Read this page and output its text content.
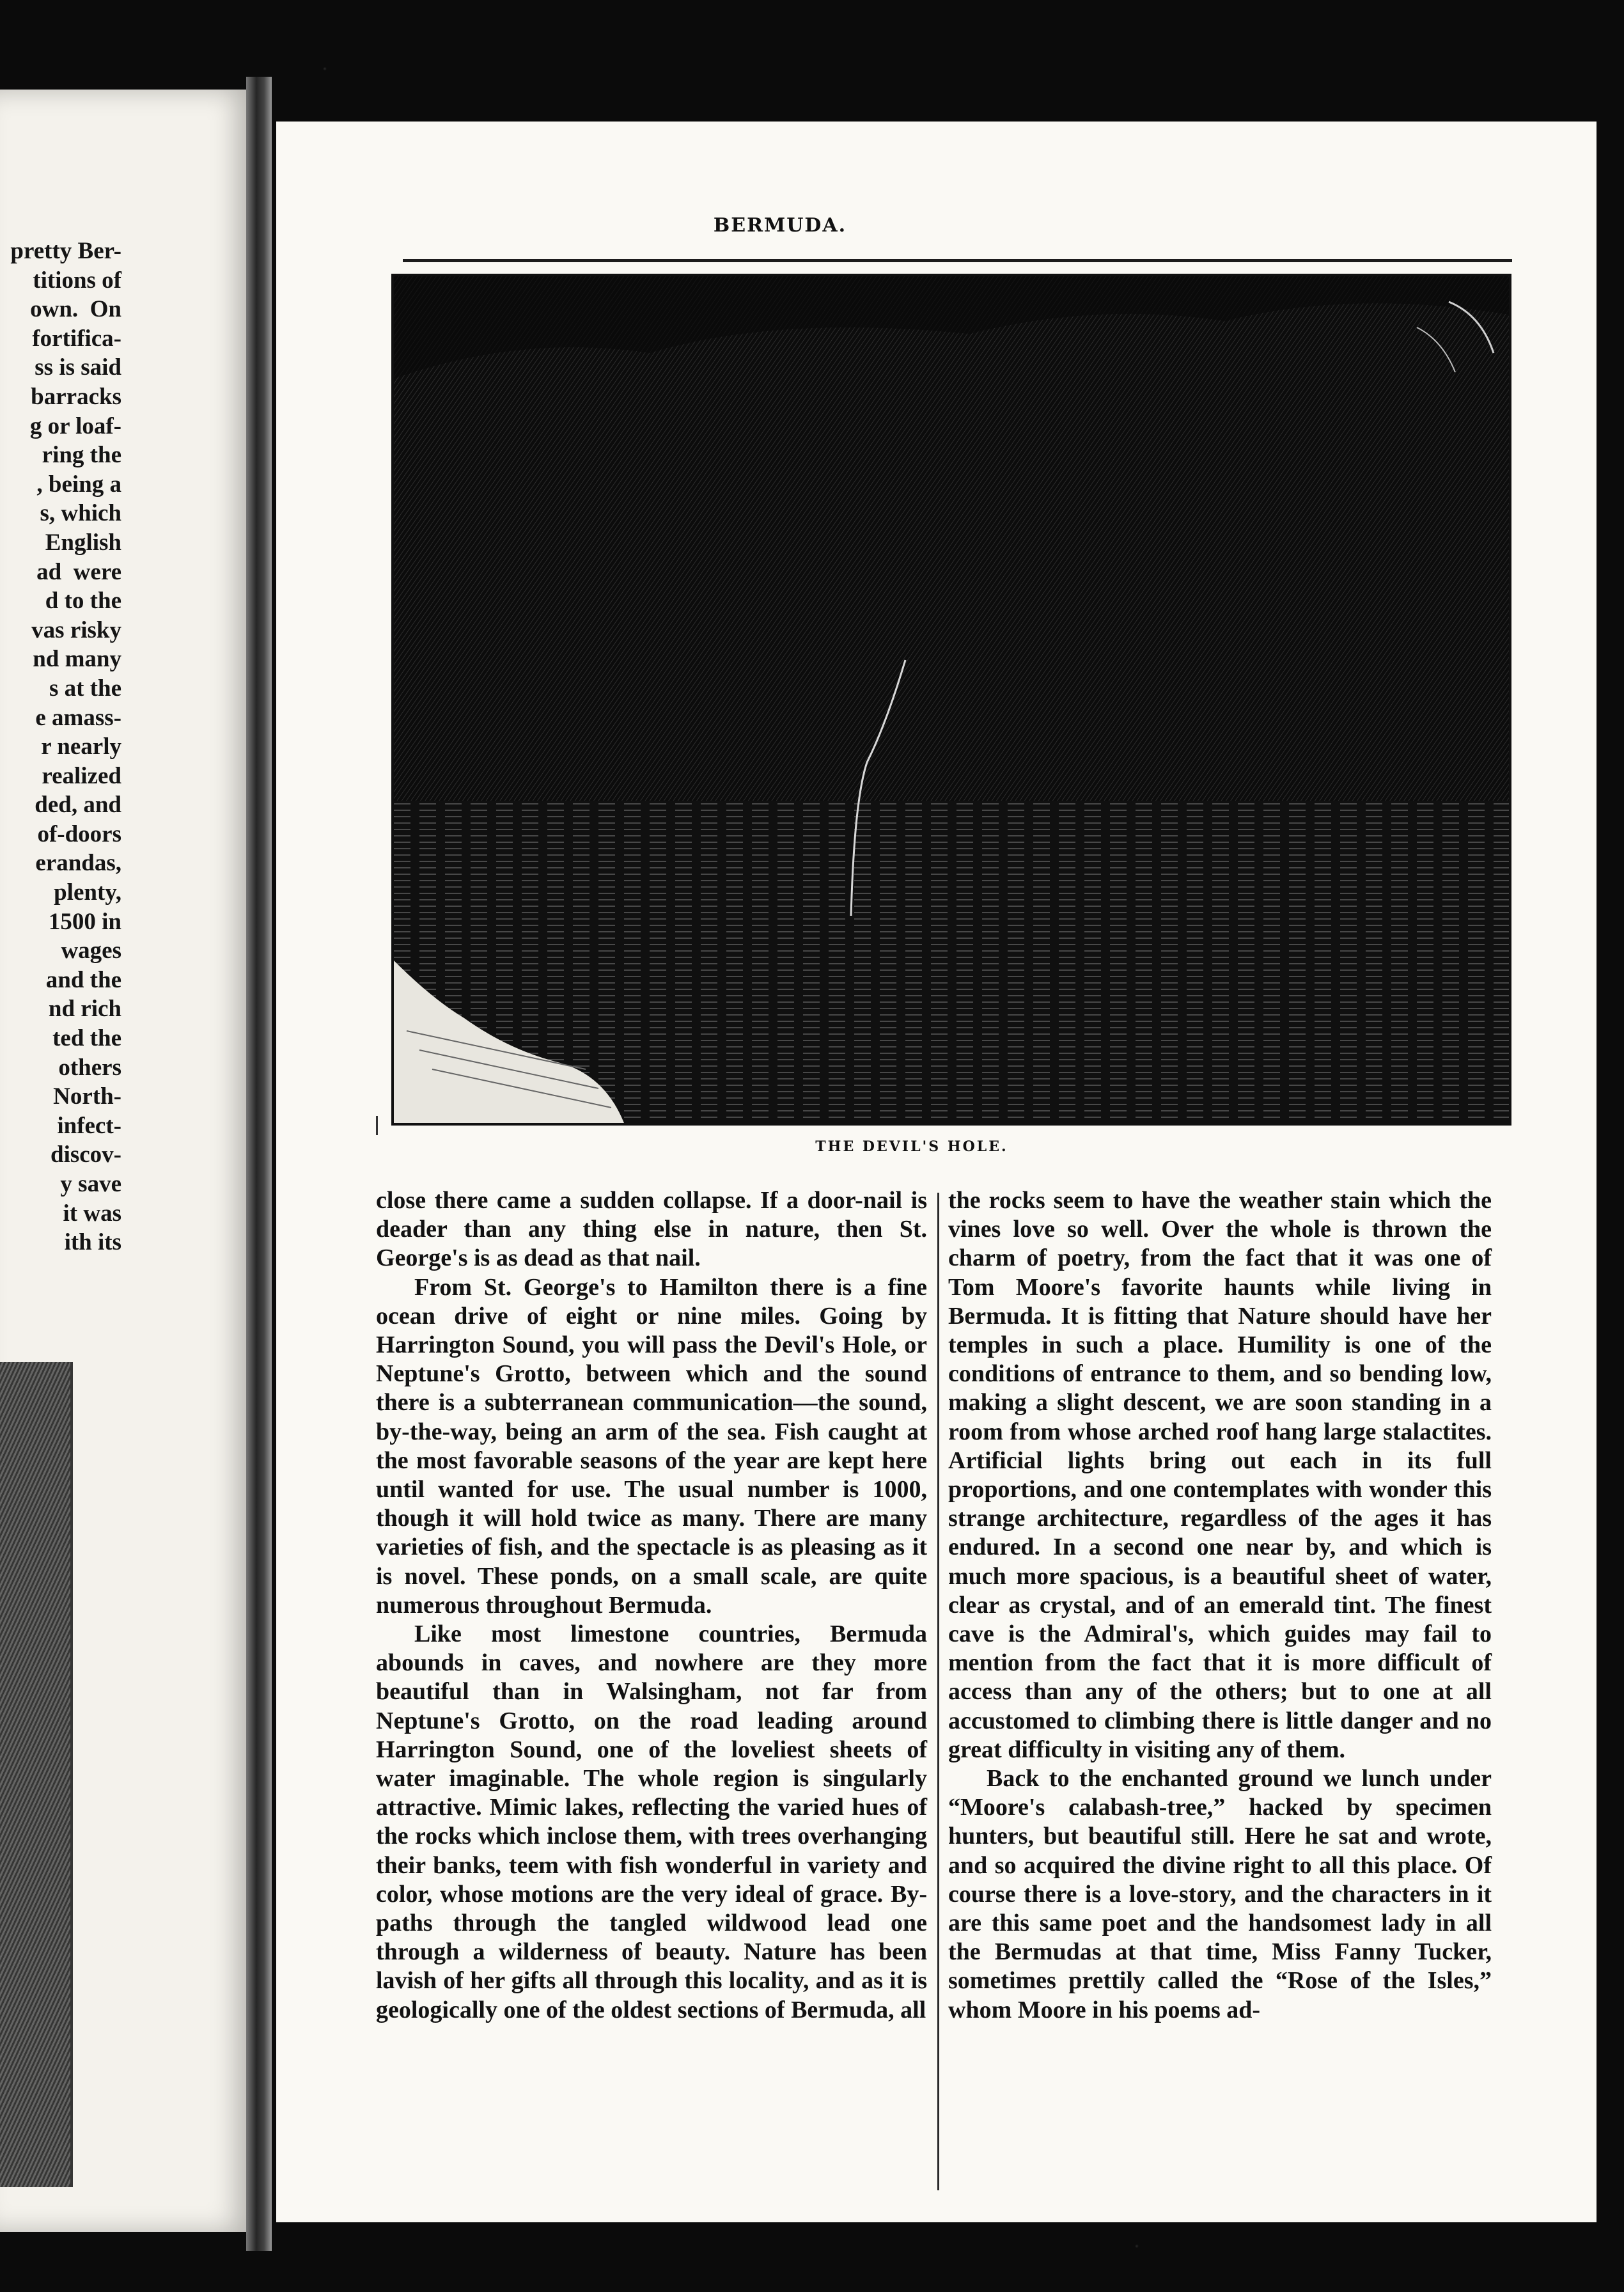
pretty Ber-
titions of
own.  On
fortifica-
ss is said
barracks
g or loaf-
ring the
, being a
s, which
English
ad  were
d to the
vas risky
nd many
s at the
e amass-
r nearly
realized
ded, and
of-doors
erandas,
plenty,
1500 in
wages
and the
nd rich
ted the
others
North-
infect-
discov-
y save
it was
ith its
BERMUDA.
THE DEVIL'S HOLE.

close there came a sudden collapse. If a door-nail is deader than any thing else in nature, then St. George's is as dead as that nail.

From St. George's to Hamilton there is a fine ocean drive of eight or nine miles. Going by Harrington Sound, you will pass the Devil's Hole, or Neptune's Grotto, between which and the sound there is a subterranean communication—the sound, by-the-way, being an arm of the sea. Fish caught at the most favorable seasons of the year are kept here until wanted for use. The usual number is 1000, though it will hold twice as many. There are many varieties of fish, and the spectacle is as pleasing as it is novel. These ponds, on a small scale, are quite numerous throughout Bermuda.

Like most limestone countries, Bermuda abounds in caves, and nowhere are they more beautiful than in Walsingham, not far from Neptune's Grotto, on the road leading around Harrington Sound, one of the loveliest sheets of water imaginable. The whole region is singularly attractive. Mimic lakes, reflecting the varied hues of the rocks which inclose them, with trees overhanging their banks, teem with fish wonderful in variety and color, whose motions are the very ideal of grace. By-paths through the tangled wildwood lead one through a wilderness of beauty. Nature has been lavish of her gifts all through this locality, and as it is geologically one of the oldest sections of Bermuda, all

the rocks seem to have the weather stain which the vines love so well. Over the whole is thrown the charm of poetry, from the fact that it was one of Tom Moore's favorite haunts while living in Bermuda. It is fitting that Nature should have her temples in such a place. Humility is one of the conditions of entrance to them, and so bending low, making a slight descent, we are soon standing in a room from whose arched roof hang large stalactites. Artificial lights bring out each in its full proportions, and one contemplates with wonder this strange architecture, regardless of the ages it has endured. In a second one near by, and which is much more spacious, is a beautiful sheet of water, clear as crystal, and of an emerald tint. The finest cave is the Admiral's, which guides may fail to mention from the fact that it is more difficult of access than any of the others; but to one at all accustomed to climbing there is little danger and no great difficulty in visiting any of them.

Back to the enchanted ground we lunch under “Moore's calabash-tree,” hacked by specimen hunters, but beautiful still. Here he sat and wrote, and so acquired the divine right to all this place. Of course there is a love-story, and the characters in it are this same poet and the handsomest lady in all the Bermudas at that time, Miss Fanny Tucker, sometimes prettily called the “Rose of the Isles,” whom Moore in his poems ad-
